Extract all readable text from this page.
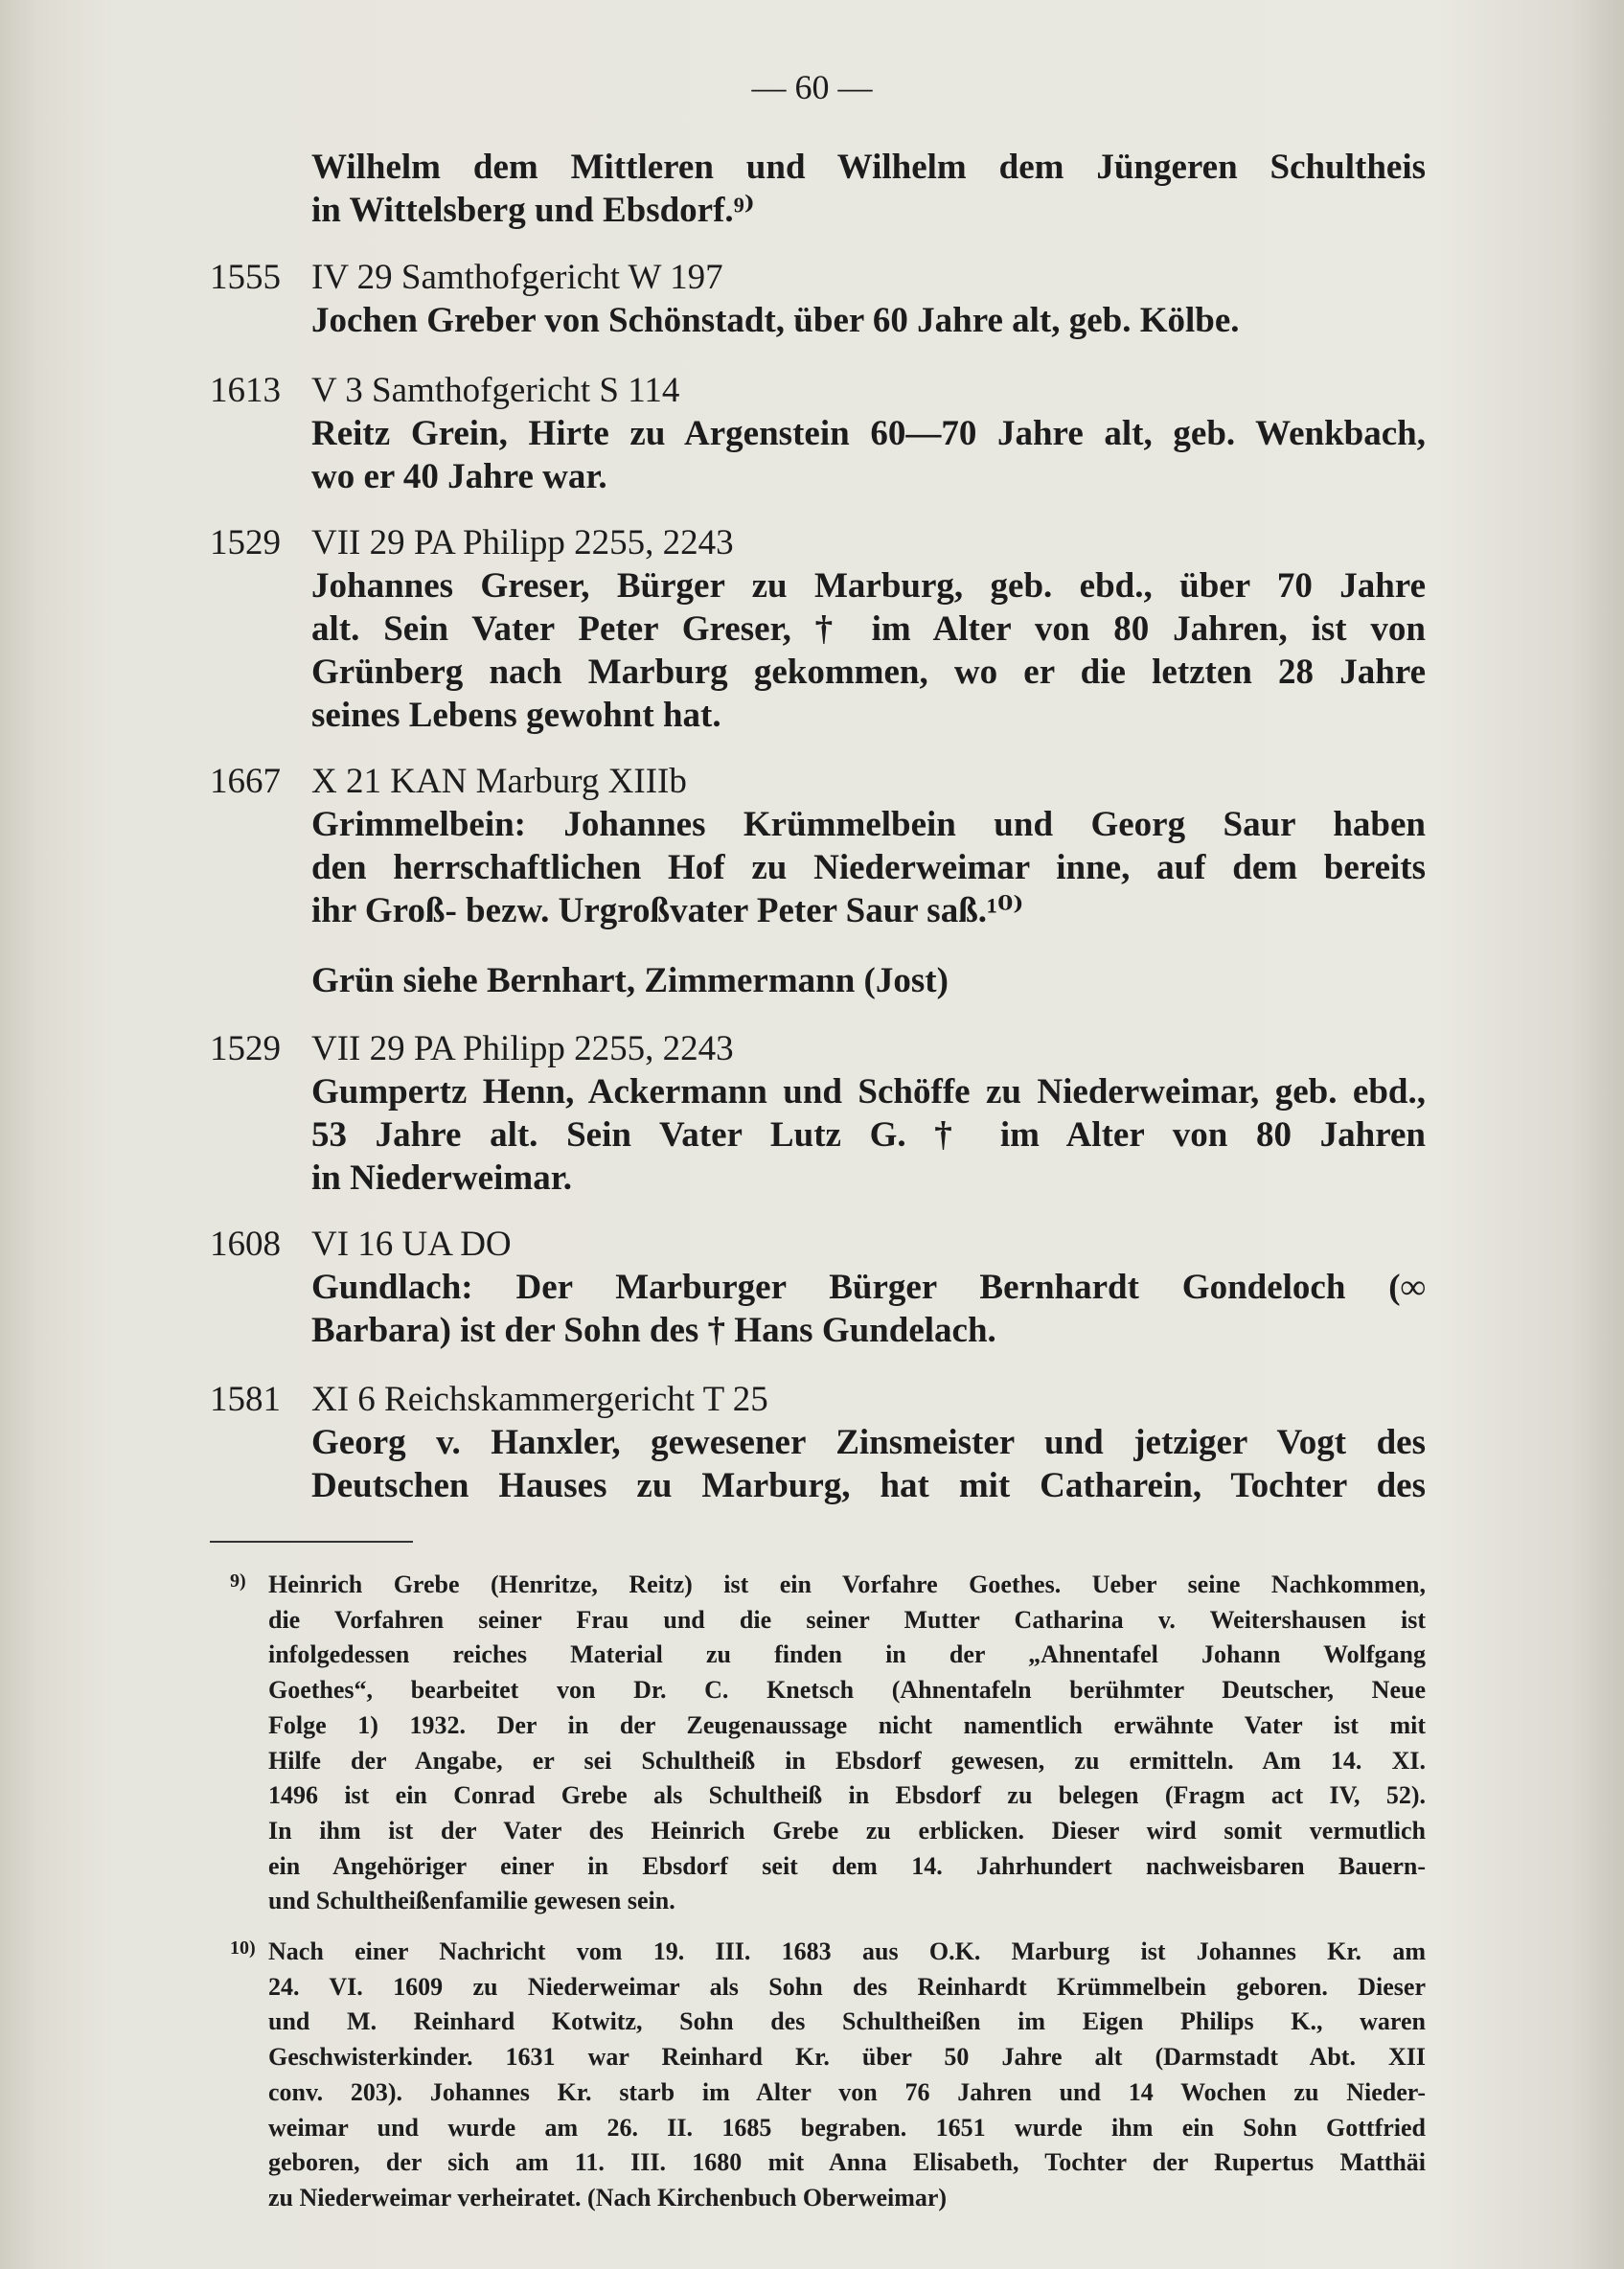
— 60 —
Wilhelm dem Mittleren und Wilhelm dem Jüngeren Schultheis
in Wittelsberg und Ebsdorf.⁹⁾
1555 IV 29 Samthofgericht W 197
Jochen Greber von Schönstadt, über 60 Jahre alt, geb. Kölbe.
1613 V 3 Samthofgericht S 114
Reitz Grein, Hirte zu Argenstein 60—70 Jahre alt, geb. Wenkbach,
wo er 40 Jahre war.
1529 VII 29 PA Philipp 2255, 2243
Johannes Greser, Bürger zu Marburg, geb. ebd., über 70 Jahre
alt. Sein Vater Peter Greser, † im Alter von 80 Jahren, ist von
Grünberg nach Marburg gekommen, wo er die letzten 28 Jahre
seines Lebens gewohnt hat.
1667 X 21 KAN Marburg XIIIb
Grimmelbein: Johannes Krümmelbein und Georg Saur haben
den herrschaftlichen Hof zu Niederweimar inne, auf dem bereits
ihr Groß- bezw. Urgroßvater Peter Saur saß.¹⁰⁾
Grün siehe Bernhart, Zimmermann (Jost)
1529 VII 29 PA Philipp 2255, 2243
Gumpertz Henn, Ackermann und Schöffe zu Niederweimar, geb. ebd.,
53 Jahre alt. Sein Vater Lutz G. † im Alter von 80 Jahren
in Niederweimar.
1608 VI 16 UA DO
Gundlach: Der Marburger Bürger Bernhardt Gondeloch (∞
Barbara) ist der Sohn des † Hans Gundelach.
1581 XI 6 Reichskammergericht T 25
Georg v. Hanxler, gewesener Zinsmeister und jetziger Vogt des
Deutschen Hauses zu Marburg, hat mit Catharein, Tochter des
9) Heinrich Grebe (Henritze, Reitz) ist ein Vorfahre Goethes. Ueber seine Nachkommen,
die Vorfahren seiner Frau und die seiner Mutter Catharina v. Weitershausen ist
infolgedessen reiches Material zu finden in der „Ahnentafel Johann Wolfgang
Goethes“, bearbeitet von Dr. C. Knetsch (Ahnentafeln berühmter Deutscher, Neue
Folge 1) 1932. Der in der Zeugenaussage nicht namentlich erwähnte Vater ist mit
Hilfe der Angabe, er sei Schultheiß in Ebsdorf gewesen, zu ermitteln. Am 14. XI.
1496 ist ein Conrad Grebe als Schultheiß in Ebsdorf zu belegen (Fragm act IV, 52).
In ihm ist der Vater des Heinrich Grebe zu erblicken. Dieser wird somit vermutlich
ein Angehöriger einer in Ebsdorf seit dem 14. Jahrhundert nachweisbaren Bauern-
und Schultheißenfamilie gewesen sein.
10) Nach einer Nachricht vom 19. III. 1683 aus O.K. Marburg ist Johannes Kr. am
24. VI. 1609 zu Niederweimar als Sohn des Reinhardt Krümmelbein geboren. Dieser
und M. Reinhard Kotwitz, Sohn des Schultheißen im Eigen Philips K., waren
Geschwisterkinder. 1631 war Reinhard Kr. über 50 Jahre alt (Darmstadt Abt. XII
conv. 203). Johannes Kr. starb im Alter von 76 Jahren und 14 Wochen zu Nieder-
weimar und wurde am 26. II. 1685 begraben. 1651 wurde ihm ein Sohn Gottfried
geboren, der sich am 11. III. 1680 mit Anna Elisabeth, Tochter der Rupertus Matthäi
zu Niederweimar verheiratet. (Nach Kirchenbuch Oberweimar)
